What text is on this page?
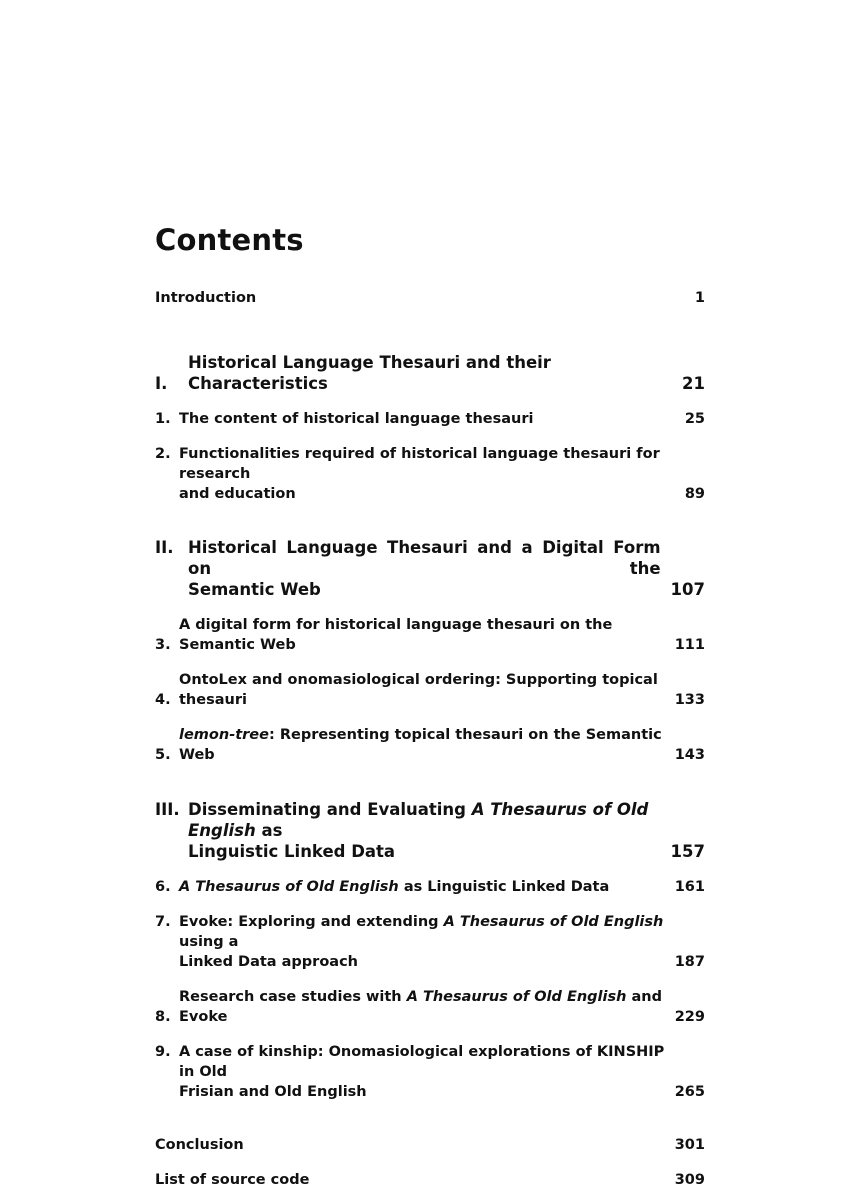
Contents
Introduction	1
I.
Historical Language Thesauri and their Characteristics	21
1. The content of historical language thesauri	25
2. Functionalities required of historical language thesauri for research
and education	89
II. Historical Language Thesauri and a Digital Form on the
Semantic Web	107
3.
A digital form for historical language thesauri on the Semantic Web	111
4.
OntoLex and onomasiological ordering: Supporting topical thesauri	133
5.
lemon-tree: Representing topical thesauri on the Semantic Web	143
III. Disseminating and Evaluating A Thesaurus of Old English as
Linguistic Linked Data	157
6. A Thesaurus of Old English as Linguistic Linked Data	161
7. Evoke: Exploring and extending A Thesaurus of Old English using a
Linked Data approach	187
8.
Research case studies with A Thesaurus of Old English and Evoke	229
9. A case of kinship: Onomasiological explorations of KINSHIP in Old
Frisian and Old English	265
Conclusion	301
List of source code	309
